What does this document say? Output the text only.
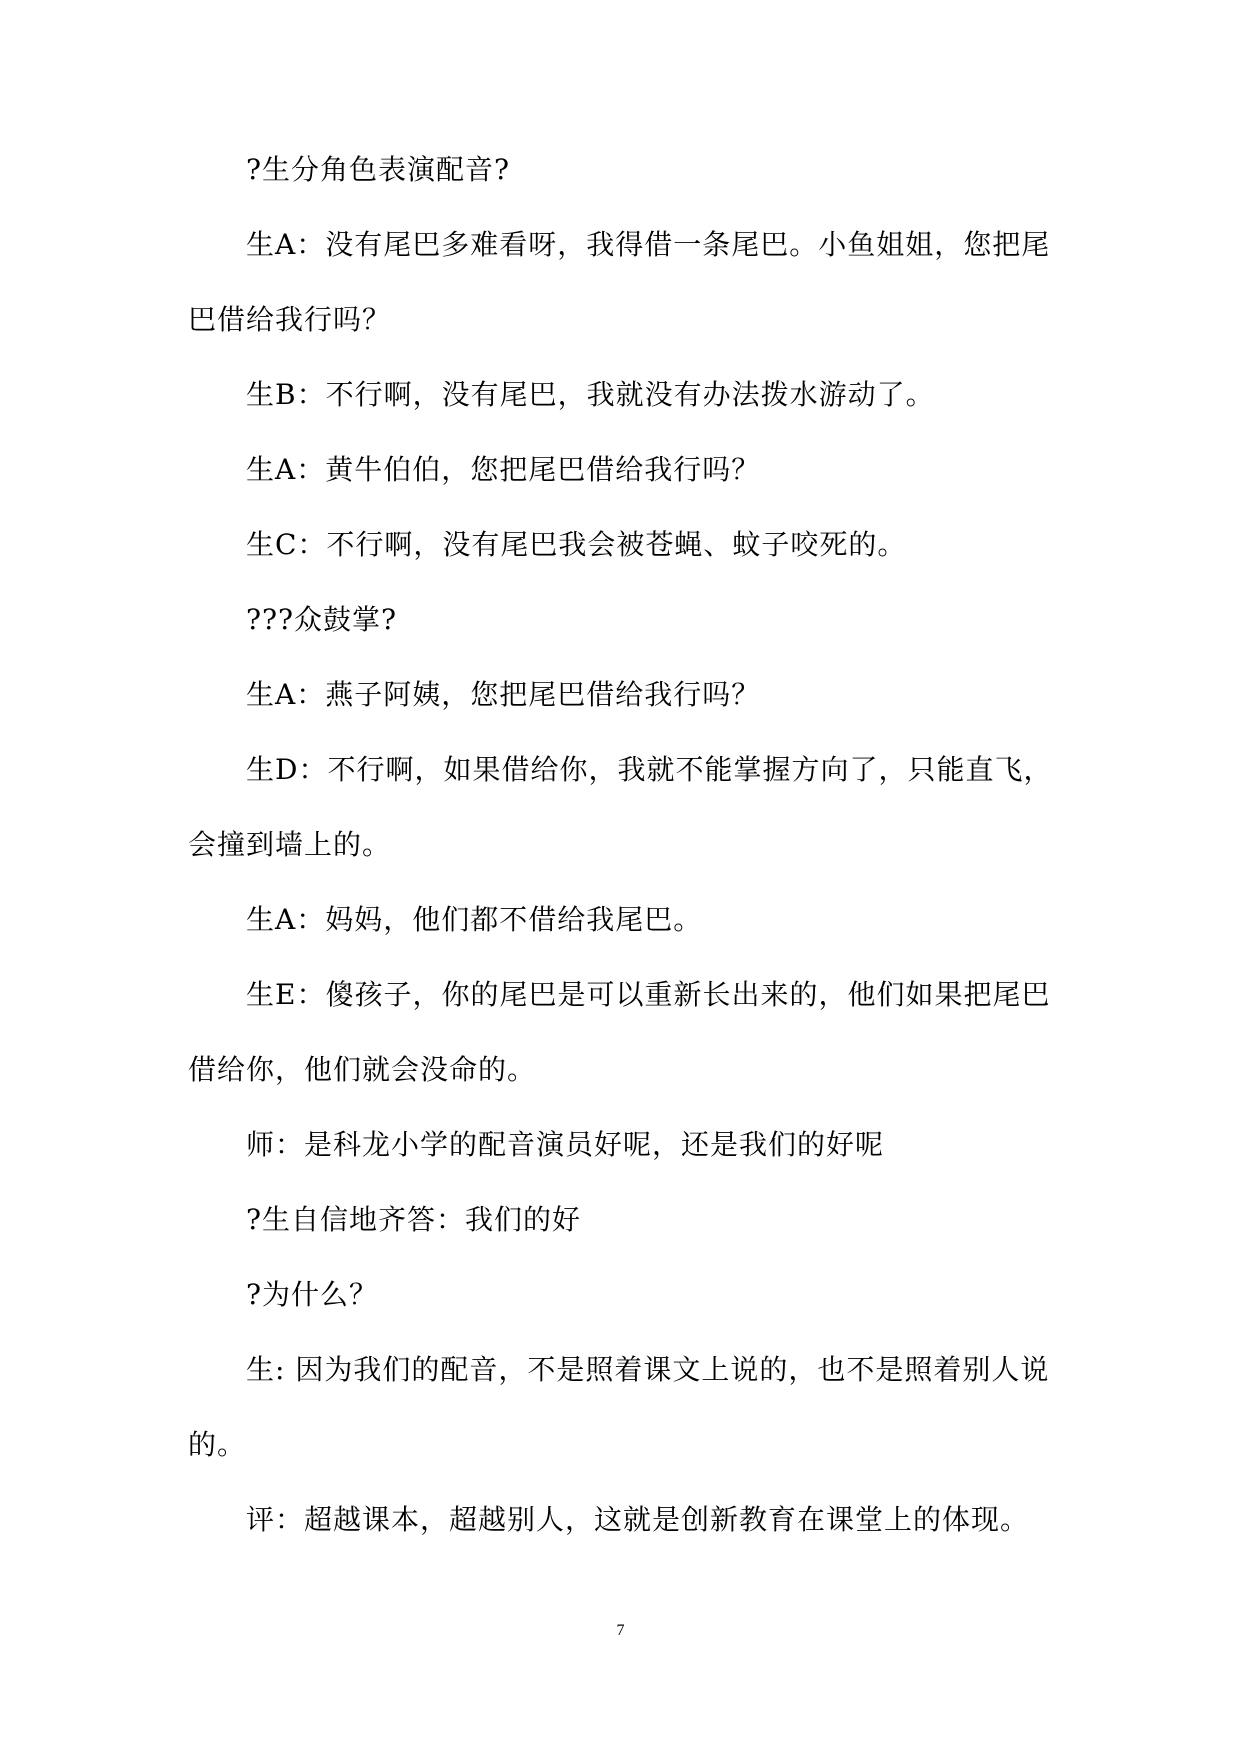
?生分角色表演配音?
生A：没有尾巴多难看呀，我得借一条尾巴。小鱼姐姐，您把尾
巴借给我行吗？
生B：不行啊，没有尾巴，我就没有办法拨水游动了。
生A：黄牛伯伯，您把尾巴借给我行吗？
生C：不行啊，没有尾巴我会被苍蝇、蚊子咬死的。
???众鼓掌?
生A：燕子阿姨，您把尾巴借给我行吗？
生D：不行啊，如果借给你，我就不能掌握方向了，只能直飞，
会撞到墙上的。
生A：妈妈，他们都不借给我尾巴。
生E：傻孩子，你的尾巴是可以重新长出来的，他们如果把尾巴
借给你，他们就会没命的。
师：是科龙小学的配音演员好呢，还是我们的好呢
?生自信地齐答：我们的好
?为什么？
生: 因为我们的配音，不是照着课文上说的，也不是照着别人说
的。
评：超越课本，超越别人，这就是创新教育在课堂上的体现。
7
